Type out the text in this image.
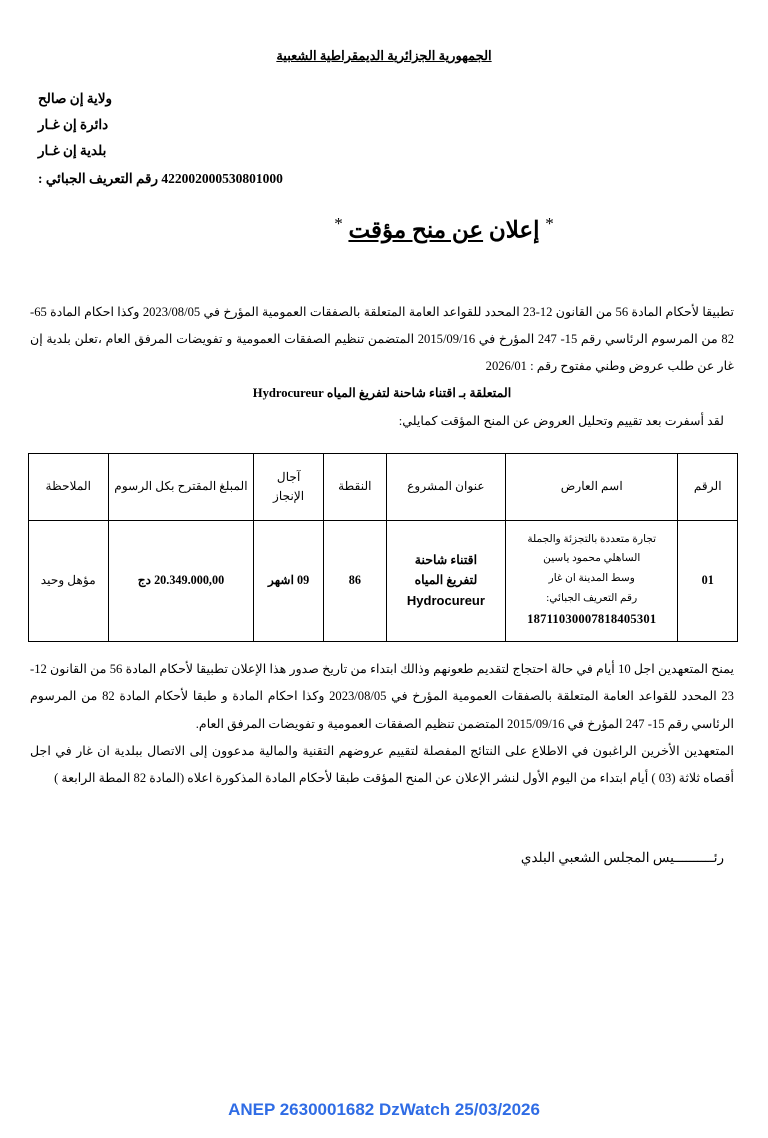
الجمهورية الجزائرية الديمقراطية الشعبية
ولاية إن صالح
دائرة إن غـار
بلدية إن غـار
422002000530801000 رقم التعريف الجبائي :
* إعلان عن منح مؤقت *

تطبيقا لأحكام المادة 56 من القانون 12-23 المحدد للقواعد العامة المتعلقة بالصفقات العمومية المؤرخ في 2023/08/05 وكذا احكام المادة 65- 82 من المرسوم الرئاسي رقم 15- 247 المؤرخ في 2015/09/16 المتضمن تنظيم الصفقات العمومية و تفويضات المرفق العام ،تعلن بلدية إن غار عن طلب عروض وطني مفتوح رقم : 2026/01

المتعلقة بـ اقتناء شاحنة لتفريغ المياه Hydrocureur

لقد أسفرت بعد تقييم وتحليل العروض عن المنح المؤقت كمايلي:

الرقم	اسم العارض	عنوان المشروع	النقطة	آجال
الإنجاز	المبلغ المقترح بكل الرسوم	الملاحظة
01	تجارة متعددة بالتجزئة والجملة
الساهلي محمود ياسين
وسط المدينة ان غار
رقم التعريف الجبائي:
18711030007818405301	اقتناء شاحنة
لتفريغ المياه
Hydrocureur	86	09 اشهر	20.349.000,00 دج	مؤهل وحيد

يمنح المتعهدين اجل 10 أيام في حالة احتجاج لتقديم طعونهم وذالك ابتداء من تاريخ صدور هذا الإعلان تطبيقا لأحكام المادة 56 من القانون 12-23 المحدد للقواعد العامة المتعلقة بالصفقات العمومية المؤرخ في 2023/08/05 وكذا احكام المادة و طبقا لأحكام المادة 82 من المرسوم الرئاسي رقم 15- 247 المؤرخ في 2015/09/16 المتضمن تنظيم الصفقات العمومية و تفويضات المرفق العام.

المتعهدين الأخرين الراغبون في الاطلاع على النتائج المفصلة لتقييم عروضهم التقنية والمالية مدعوون إلى الاتصال ببلدية ان غار في اجل أقصاه ثلاثة (03 ) أيام ابتداء من اليوم الأول لنشر الإعلان عن المنح المؤقت طبقا لأحكام المادة المذكورة اعلاه (المادة 82 المطة الرابعة )

رئــــــــــيس المجلس الشعبي البلدي
ANEP 2630001682 DzWatch 25/03/2026
